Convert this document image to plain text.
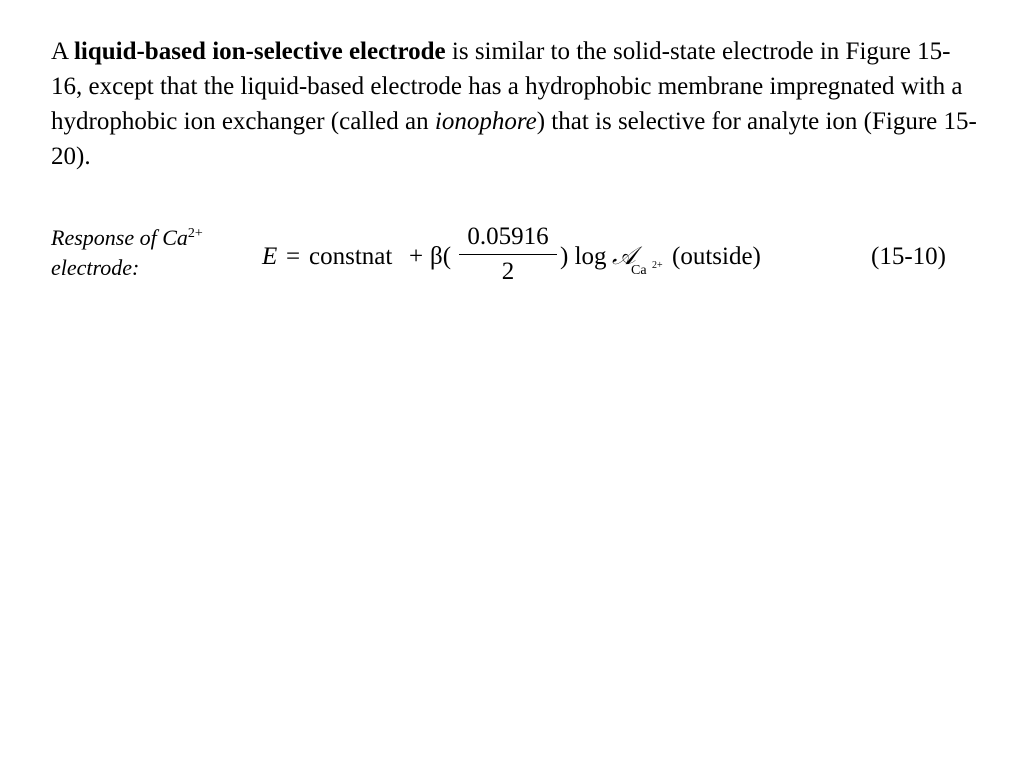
A liquid-based ion-selective electrode is similar to the solid-state electrode in Figure 15-16, except that the liquid-based electrode has a hydrophobic membrane impregnated with a hydrophobic ion exchanger (called an ionophore) that is selective for analyte ion (Figure 15-20).

Response of $Ca^{2+}$
electrode:	E = constnat + β(
0.05916
2
) log 𝒜
Ca 2+ (outside)	(15-10)
